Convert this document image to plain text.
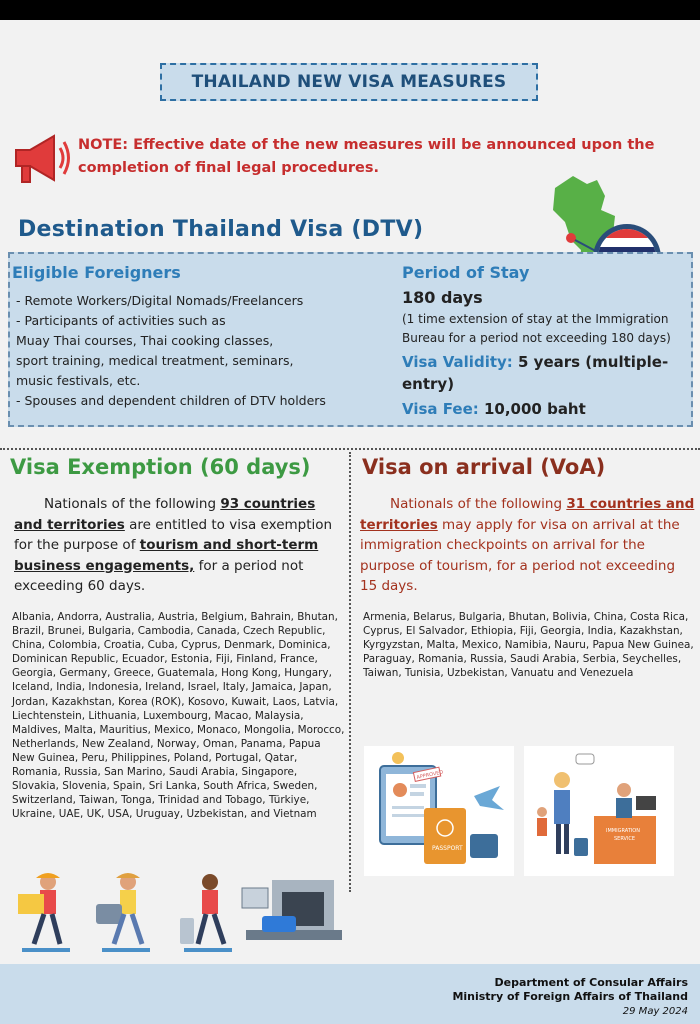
THAILAND NEW VISA MEASURES
NOTE: Effective date of the new measures will be announced upon the completion of final legal procedures.
Destination Thailand Visa (DTV)
Eligible Foreigners
- Remote Workers/Digital Nomads/Freelancers
- Participants of activities such as
Muay Thai courses, Thai cooking classes,
sport training, medical treatment, seminars,
music festivals, etc.
- Spouses and dependent children of DTV holders
Period of Stay
180 days
(1 time extension of stay at the Immigration Bureau for a period not exceeding 180 days)
Visa Validity: 5 years (multiple-entry)
Visa Fee: 10,000 baht
Visa Exemption (60 days) Visa on arrival (VoA)
Nationals of the following 93 countries and territories are entitled to visa exemption for the purpose of tourism and short-term business engagements, for a period not exceeding 60 days.
Nationals of the following 31 countries and territories may apply for visa on arrival at the immigration checkpoints on arrival for the purpose of tourism, for a period not exceeding 15 days.
Albania, Andorra, Australia, Austria, Belgium, Bahrain, Bhutan, Brazil, Brunei, Bulgaria, Cambodia, Canada, Czech Republic, China, Colombia, Croatia, Cuba, Cyprus, Denmark, Dominica, Dominican Republic, Ecuador, Estonia, Fiji, Finland, France, Georgia, Germany, Greece, Guatemala, Hong Kong, Hungary, Iceland, India, Indonesia, Ireland, Israel, Italy, Jamaica, Japan, Jordan, Kazakhstan, Korea (ROK), Kosovo, Kuwait, Laos, Latvia, Liechtenstein, Lithuania, Luxembourg, Macao, Malaysia, Maldives, Malta, Mauritius, Mexico, Monaco, Mongolia, Morocco, Netherlands, New Zealand, Norway, Oman, Panama, Papua New Guinea, Peru, Philippines, Poland, Portugal, Qatar, Romania, Russia, San Marino, Saudi Arabia, Singapore, Slovakia, Slovenia, Spain, Sri Lanka, South Africa, Sweden, Switzerland, Taiwan, Tonga, Trinidad and Tobago, Türkiye, Ukraine, UAE, UK, USA, Uruguay, Uzbekistan, and Vietnam
Armenia, Belarus, Bulgaria, Bhutan, Bolivia, China, Costa Rica, Cyprus, El Salvador, Ethiopia, Fiji, Georgia, India, Kazakhstan, Kyrgyzstan, Malta, Mexico, Namibia, Nauru, Papua New Guinea, Paraguay, Romania, Russia, Saudi Arabia, Serbia, Seychelles, Taiwan, Tunisia, Uzbekistan, Vanuatu and Venezuela
APPROVED
PASSPORT
IMMIGRATION
SERVICE
Department of Consular Affairs
Ministry of Foreign Affairs of Thailand
29 May 2024
